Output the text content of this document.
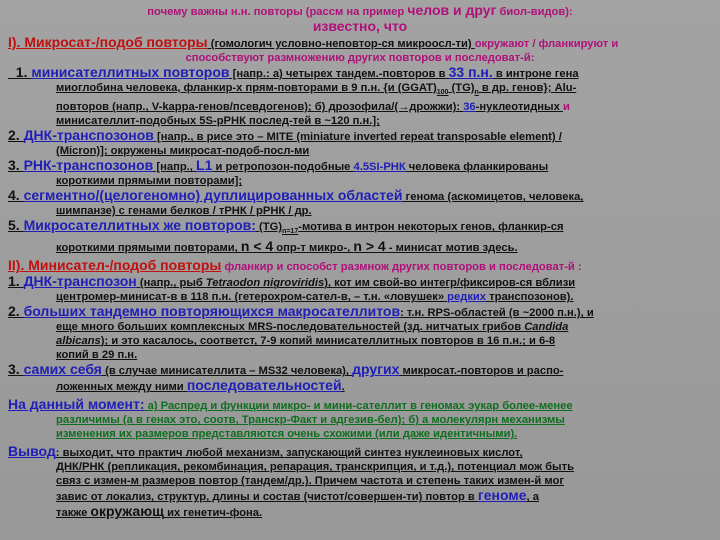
почему важны н.н. повторы (рассм на пример челов и друг биол-видов):
известно, что
I). Микросат-/подоб повторы (гомологич условно-неповтор-ся микроосл-ти) окружают / фланкируют и
способствуют размножению других повторов и последоват-й:
_1. минисателлитных повторов [напр.: а) четырех тандем.-повторов в 33 п.н. в интроне гена
миоглобина человека, фланкир-х прям-повторами в 9 п.н. {и $(GGAT)_{100}$ $(TG)_n$ в др. генов}; Alu-
повторов (напр., V-kappa-генов/псевдогенов); б) дрозофила/(→дрожжи): 36-нуклеотидных и
минисателлит-подобных 5S-рРНК послед-тей в ~120 п.н.];
2. ДНК-транспозонов [напр., в рисе это – MITE (miniature inverted repeat transposable element) /
(Micron)]; окружены микросат-подоб-посл-ми
3. РНК-транспозонов [напр., L1 и ретропозон-подобные 4.5SI-РНК человека фланкированы
короткими прямыми повторами];
4. сегментно/(целогеномно) дуплицированных областей генома (аскомицетов, человека,
шимпанзе) с генами белков / тРНК / рРНК / др.
5. Микросателлитных же повторов: $(TG)_{n=17}$-мотива в интрон некоторых генов, фланкир-ся
короткими прямыми повторами, n < 4 опр-т микро-, n > 4 - минисат мотив здесь.
II). Минисател-/подоб повторы фланкир и способст размнож других повторов и последоват-й :
1. ДНК-транспозон (напр., рыб Tetraodon nigroviridis), кот им свой-во интегр/фиксиров-ся вблизи
центромер-минисат-в в 118 п.н. (гетерохром-сател-в, – т.н. «ловушек» редких транспозонов).
2. больших тандемно повторяющихся макросателлитов: т.н. RPS-областей (в ~2000 п.н.), и
еще много больших комплексных MRS-последовательностей (зд. нитчатых грибов Candida
albicans); и это касалось, соответст, 7-9 копий минисателлитных повторов в 16 п.н.; и 6-8
копий в 29 п.н.
3. самих себя (в случае минисателлита – MS32 человека), других микросат.-повторов и распо-
ложенных между ними последовательностей.
На данный момент: а) Распред и функции микро- и мини-сателлит в геномах эукар более-менее
различимы (а в генах это, соотв, Транскр-Факт и адгезив-бел); б) а молекулярн механизмы
изменения их размеров представляются очень схожими (или даже идентичными).
Вывод: выходит, что практич любой механизм, запускающий синтез нуклеиновых кислот,
ДНК/РНК (репликация, рекомбинация, репарация, транскрипция, и т.д.), потенциал мож быть
связ с измен-м размеров повтор (тандем/др.). Причем частота и степень таких измен-й мог
завис от локализ, структур, длины и состав (чистот/совершен-ти) повтор в геноме, а
также окружающ их генетич-фона.
